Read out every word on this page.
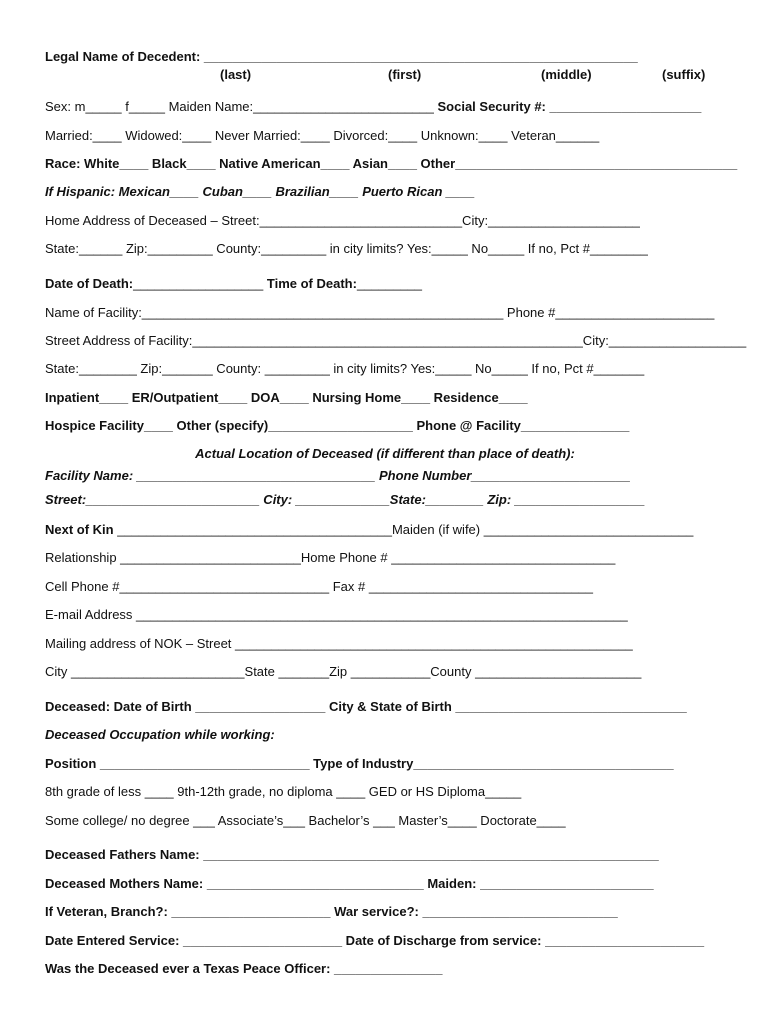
Legal Name of Decedent: ____________________________________________________________
(last)	(first)	(middle)	(suffix)
Sex: m_____ f_____ Maiden Name:_________________________ Social Security #: _____________________
Married:____ Widowed:____ Never Married:____ Divorced:____ Unknown:____ Veteran______
Race: White____ Black____ Native American____ Asian____ Other_______________________________________
If Hispanic: Mexican____ Cuban____ Brazilian____ Puerto Rican ____
Home Address of Deceased – Street:____________________________City:_____________________
State:______ Zip:_________ County:_________ in city limits? Yes:_____ No_____ If no, Pct #________
Date of Death:__________________ Time of Death:_________
Name of Facility:__________________________________________________ Phone #______________________
Street Address of Facility:______________________________________________________City:___________________
State:________ Zip:_______ County: _________ in city limits? Yes:_____ No_____ If no, Pct #_______
Inpatient____ ER/Outpatient____ DOA____ Nursing Home____ Residence____
Hospice Facility____ Other (specify)____________________ Phone @ Facility_______________
Actual Location of Deceased (if different than place of death):
Facility Name: _________________________________ Phone Number______________________
Street:________________________ City: _____________State:________ Zip: __________________
Next of Kin ______________________________________Maiden (if wife) _____________________________
Relationship _________________________Home Phone # _______________________________
Cell Phone #_____________________________ Fax # _______________________________
E-mail Address ____________________________________________________________________
Mailing address of NOK – Street _______________________________________________________
City ________________________State _______Zip ___________County _______________________
Deceased: Date of Birth __________________ City & State of Birth ________________________________
Deceased Occupation while working:
Position _____________________________ Type of Industry____________________________________
8th grade of less ____ 9th-12th grade, no diploma ____ GED or HS Diploma_____
Some college/ no degree ___ Associate’s___ Bachelor’s ___ Master’s____ Doctorate____
Deceased Fathers Name: _______________________________________________________________
Deceased Mothers Name: ______________________________ Maiden: ________________________
If Veteran, Branch?: ______________________ War service?: ___________________________
Date Entered Service: ______________________ Date of Discharge from service: ______________________
Was the Deceased ever a Texas Peace Officer: _______________
